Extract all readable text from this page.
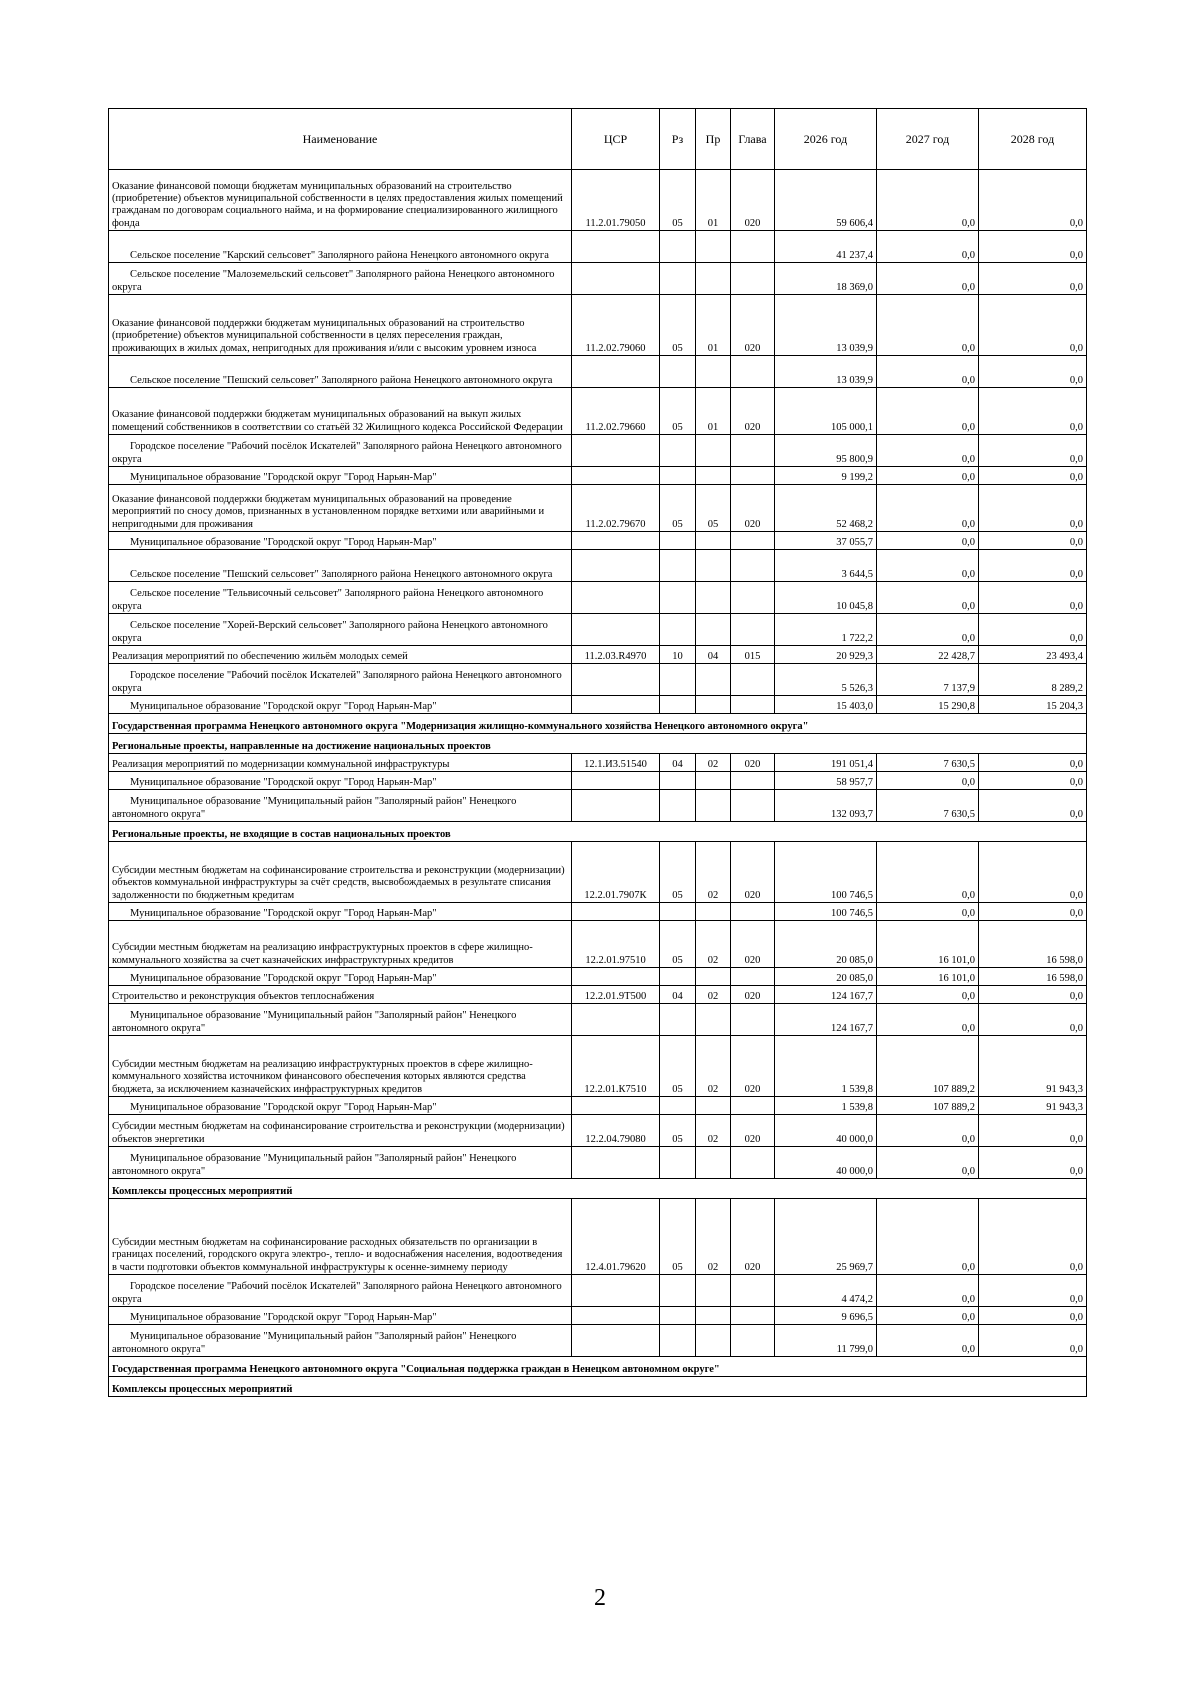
Наименование	ЦСР	Рз	Пр	Глава	2026 год	2027 год	2028 год
Оказание финансовой помощи бюджетам муниципальных образований на строительство (приобретение) объектов муниципальной собственности в целях предоставления жилых помещений гражданам по договорам социального найма, и на формирование специализированного жилищного фонда	11.2.01.79050	05	01	020	59 606,4	0,0	0,0
Сельское поселение "Карский сельсовет" Заполярного района Ненецкого автономного округа					41 237,4	0,0	0,0
Сельское поселение "Малоземельский сельсовет" Заполярного района Ненецкого автономного округа					18 369,0	0,0	0,0
Оказание финансовой поддержки бюджетам муниципальных образований на строительство (приобретение) объектов муниципальной собственности в целях переселения граждан, проживающих в жилых домах, непригодных для проживания и/или с высоким уровнем износа	11.2.02.79060	05	01	020	13 039,9	0,0	0,0
Сельское поселение "Пешский сельсовет" Заполярного района Ненецкого автономного округа					13 039,9	0,0	0,0
Оказание финансовой поддержки бюджетам муниципальных образований на выкуп жилых помещений собственников в соответствии со статьёй 32 Жилищного кодекса Российской Федерации	11.2.02.79660	05	01	020	105 000,1	0,0	0,0
Городское поселение "Рабочий посёлок Искателей" Заполярного района Ненецкого автономного округа					95 800,9	0,0	0,0
Муниципальное образование "Городской округ "Город Нарьян-Мар"					9 199,2	0,0	0,0
Оказание финансовой поддержки бюджетам муниципальных образований на проведение мероприятий по сносу домов, признанных в установленном порядке ветхими или аварийными и непригодными для проживания	11.2.02.79670	05	05	020	52 468,2	0,0	0,0
Муниципальное образование "Городской округ "Город Нарьян-Мар"					37 055,7	0,0	0,0
Сельское поселение "Пешский сельсовет" Заполярного района Ненецкого автономного округа					3 644,5	0,0	0,0
Сельское поселение "Тельвисочный сельсовет" Заполярного района Ненецкого автономного округа					10 045,8	0,0	0,0
Сельское поселение "Хорей-Верский сельсовет" Заполярного района Ненецкого автономного округа					1 722,2	0,0	0,0
Реализация мероприятий по обеспечению жильём молодых семей	11.2.03.R4970	10	04	015	20 929,3	22 428,7	23 493,4
Городское поселение "Рабочий посёлок Искателей" Заполярного района Ненецкого автономного округа					5 526,3	7 137,9	8 289,2
Муниципальное образование "Городской округ "Город Нарьян-Мар"					15 403,0	15 290,8	15 204,3
Государственная программа Ненецкого автономного округа "Модернизация жилищно-коммунального хозяйства Ненецкого автономного округа"							
Региональные проекты, направленные на достижение национальных проектов							
Реализация мероприятий по модернизации коммунальной инфраструктуры	12.1.И3.51540	04	02	020	191 051,4	7 630,5	0,0
Муниципальное образование "Городской округ "Город Нарьян-Мар"					58 957,7	0,0	0,0
Муниципальное образование "Муниципальный район "Заполярный район" Ненецкого автономного округа"					132 093,7	7 630,5	0,0
Региональные проекты, не входящие в состав национальных проектов							
Субсидии местным бюджетам на софинансирование строительства и реконструкции (модернизации) объектов коммунальной инфраструктуры за счёт средств, высвобождаемых в результате списания задолженности по бюджетным кредитам	12.2.01.7907К	05	02	020	100 746,5	0,0	0,0
Муниципальное образование "Городской округ "Город Нарьян-Мар"					100 746,5	0,0	0,0
Субсидии местным бюджетам на реализацию инфраструктурных проектов в сфере жилищно-коммунального хозяйства за счет казначейских инфраструктурных кредитов	12.2.01.97510	05	02	020	20 085,0	16 101,0	16 598,0
Муниципальное образование "Городской округ "Город Нарьян-Мар"					20 085,0	16 101,0	16 598,0
Строительство и реконструкция объектов теплоснабжения	12.2.01.9Т500	04	02	020	124 167,7	0,0	0,0
Муниципальное образование "Муниципальный район "Заполярный район" Ненецкого автономного округа"					124 167,7	0,0	0,0
Субсидии местным бюджетам на реализацию инфраструктурных проектов в сфере жилищно-коммунального хозяйства источником финансового обеспечения которых являются средства бюджета, за исключением казначейских инфраструктурных кредитов	12.2.01.К7510	05	02	020	1 539,8	107 889,2	91 943,3
Муниципальное образование "Городской округ "Город Нарьян-Мар"					1 539,8	107 889,2	91 943,3
Субсидии местным бюджетам на софинансирование строительства и реконструкции (модернизации) объектов энергетики	12.2.04.79080	05	02	020	40 000,0	0,0	0,0
Муниципальное образование "Муниципальный район "Заполярный район" Ненецкого автономного округа"					40 000,0	0,0	0,0
Комплексы процессных мероприятий							
Субсидии местным бюджетам на софинансирование расходных обязательств по организации в границах поселений, городского округа электро-, тепло- и водоснабжения населения, водоотведения в части подготовки объектов коммунальной инфраструктуры к осенне-зимнему периоду	12.4.01.79620	05	02	020	25 969,7	0,0	0,0
Городское поселение "Рабочий посёлок Искателей" Заполярного района Ненецкого автономного округа					4 474,2	0,0	0,0
Муниципальное образование "Городской округ "Город Нарьян-Мар"					9 696,5	0,0	0,0
Муниципальное образование "Муниципальный район "Заполярный район" Ненецкого автономного округа"					11 799,0	0,0	0,0
Государственная программа Ненецкого автономного округа "Социальная поддержка граждан в Ненецком автономном округе"							
Комплексы процессных мероприятий							
2
